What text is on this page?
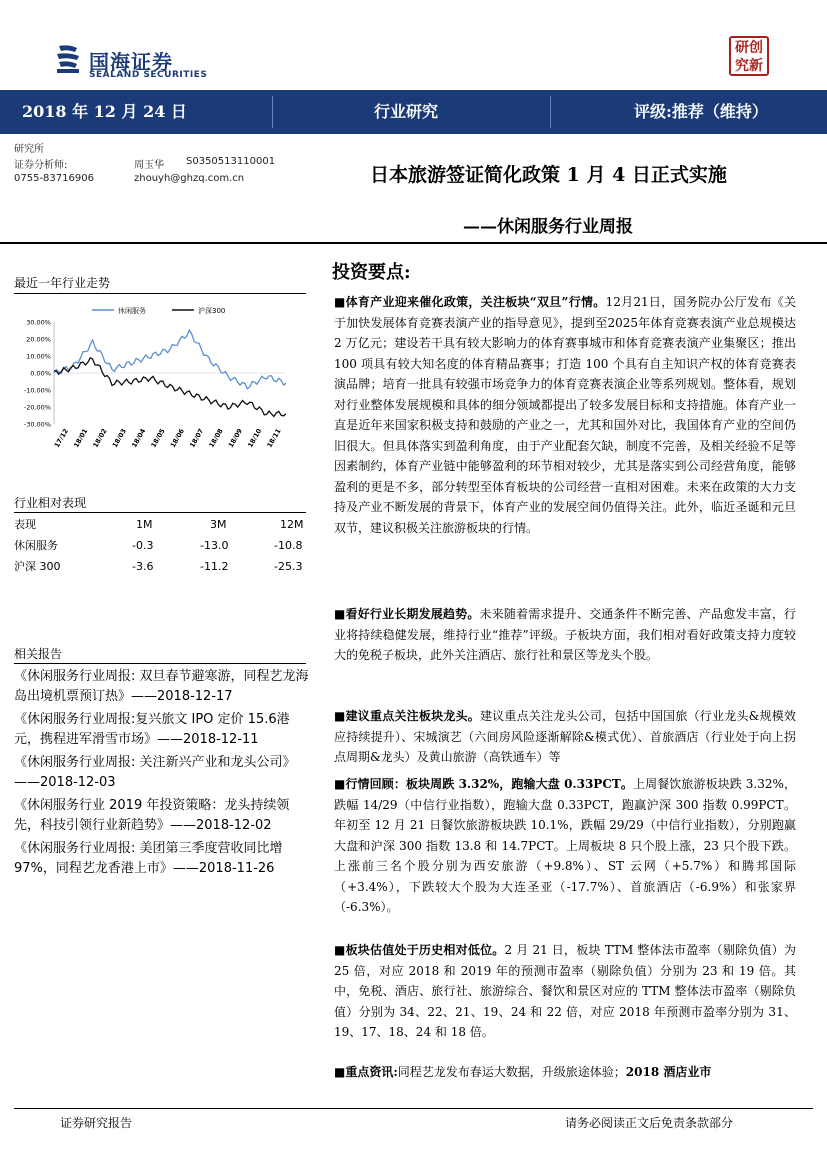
国海证券
SEALAND SECURITIES
研创
究新
2018 年 12 月 24 日	行业研究	评级:推荐（维持）
研究所
证券分析师:	周玉华 S0350513110001
0755-83716906	zhouyh@ghzq.com.cn	日本旅游签证简化政策 1 月 4 日正式实施
——休闲服务行业周报
最近一年行业走势
休闲服务	沪深300
30.00%
20.00%
10.00%
0.00%
-10.00%
-20.00%
-30.00%
17/12 18/01 18/02 18/03 18/04 18/05 18/06 18/07 18/08 18/09 18/10 18/11
行业相对表现
表现	1M	3M	12M
休闲服务	-0.3	-13.0	-10.8
沪深 300	-3.6	-11.2	-25.3
相关报告
《休闲服务行业周报: 双旦春节避寒游，同程艺龙海岛出境机票预订热》——2018-12-17
《休闲服务行业周报:复兴旅文 IPO 定价 15.6港元，携程进军滑雪市场》——2018-12-11
《休闲服务行业周报: 关注新兴产业和龙头公司》——2018-12-03
《休闲服务行业 2019 年投资策略：龙头持续领先，科技引领行业新趋势》——2018-12-02
《休闲服务行业周报: 美团第三季度营收同比增 97%，同程艺龙香港上市》——2018-11-26
投资要点:
■体育产业迎来催化政策，关注板块“双旦”行情。12月21日，国务院办公厅发布《关于加快发展体育竞赛表演产业的指导意见》，提到至2025年体育竞赛表演产业总规模达 2 万亿元；建设若干具有较大影响力的体育赛事城市和体育竞赛表演产业集聚区；推出 100 项具有较大知名度的体育精品赛事；打造 100 个具有自主知识产权的体育竞赛表演品牌；培育一批具有较强市场竞争力的体育竞赛表演企业等系列规划。整体看，规划对行业整体发展规模和具体的细分领域都提出了较多发展目标和支持措施。体育产业一直是近年来国家积极支持和鼓励的产业之一，尤其和国外对比，我国体育产业的空间仍旧很大。但具体落实到盈利角度，由于产业配套欠缺，制度不完善，及相关经验不足等因素制约，体育产业链中能够盈利的环节相对较少，尤其是落实到公司经营角度，能够盈利的更是不多，部分转型至体育板块的公司经营一直相对困难。未来在政策的大力支持及产业不断发展的背景下，体育产业的发展空间仍值得关注。此外，临近圣诞和元旦双节，建议积极关注旅游板块的行情。
■看好行业长期发展趋势。未来随着需求提升、交通条件不断完善、产品愈发丰富，行业将持续稳健发展，维持行业“推荐”评级。子板块方面，我们相对看好政策支持力度较大的免税子板块，此外关注酒店、旅行社和景区等龙头个股。
■建议重点关注板块龙头。建议重点关注龙头公司，包括中国国旅（行业龙头&规模效应持续提升）、宋城演艺（六间房风险逐渐解除&模式优）、首旅酒店（行业处于向上拐点周期&龙头）及黄山旅游（高铁通车）等
■行情回顾：板块周跌 3.32%，跑输大盘 0.33PCT。上周餐饮旅游板块跌 3.32%，跌幅 14/29（中信行业指数），跑输大盘 0.33PCT，跑赢沪深 300 指数 0.99PCT。年初至 12 月 21 日餐饮旅游板块跌 10.1%，跌幅 29/29（中信行业指数），分别跑赢大盘和沪深 300 指数 13.8 和 14.7PCT。上周板块 8 只个股上涨，23 只个股下跌。上涨前三名个股分别为西安旅游（+9.8%）、ST 云网（+5.7%）和腾邦国际（+3.4%），下跌较大个股为大连圣亚（-17.7%）、首旅酒店（-6.9%）和张家界（-6.3%）。
■板块估值处于历史相对低位。2 月 21 日，板块 TTM 整体法市盈率（剔除负值）为 25 倍，对应 2018 和 2019 年的预测市盈率（剔除负值）分别为 23 和 19 倍。其中，免税、酒店、旅行社、旅游综合、餐饮和景区对应的 TTM 整体法市盈率（剔除负值）分别为 34、22、21、19、24 和 22 倍，对应 2018 年预测市盈率分别为 31、19、17、18、24 和 18 倍。
■重点资讯:同程艺龙发布春运大数据，升级旅途体验；2018 酒店业市
证券研究报告	请务必阅读正文后免责条款部分
